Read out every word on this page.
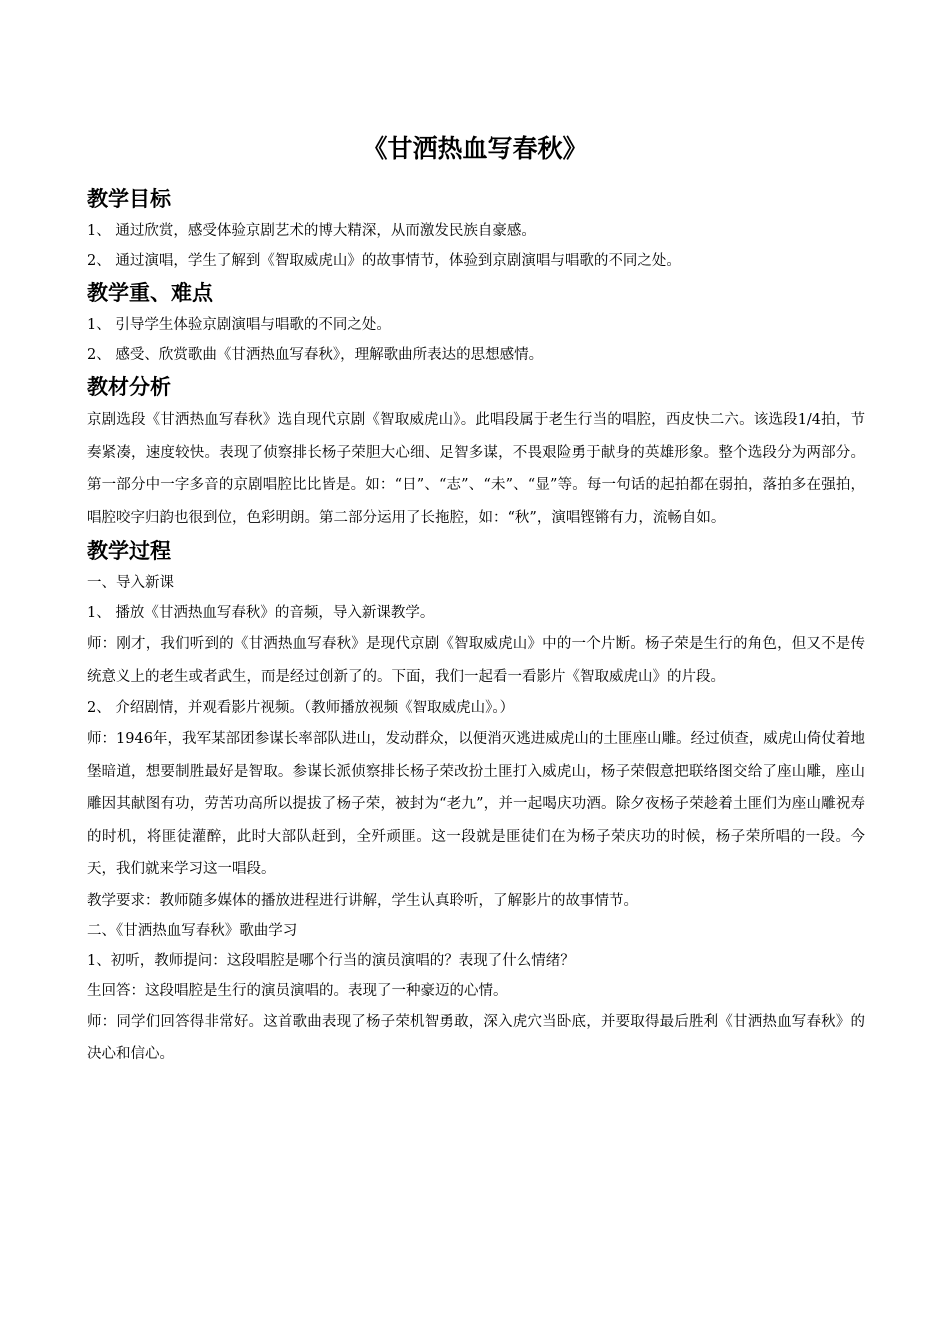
《甘洒热血写春秋》
教学目标

1、 通过欣赏，感受体验京剧艺术的博大精深，从而激发民族自豪感。

2、 通过演唱，学生了解到《智取威虎山》的故事情节，体验到京剧演唱与唱歌的不同之处。

教学重、难点

1、 引导学生体验京剧演唱与唱歌的不同之处。

2、 感受、欣赏歌曲《甘洒热血写春秋》，理解歌曲所表达的思想感情。

教材分析

京剧选段《甘洒热血写春秋》选自现代京剧《智取威虎山》。此唱段属于老生行当的唱腔，西皮快二六。该选段1/4拍，节奏紧凑，速度较快。表现了侦察排长杨子荣胆大心细、足智多谋，不畏艰险勇于献身的英雄形象。整个选段分为两部分。第一部分中一字多音的京剧唱腔比比皆是。如：“日”、“志”、“未”、“显”等。每一句话的起拍都在弱拍，落拍多在强拍，唱腔咬字归韵也很到位，色彩明朗。第二部分运用了长拖腔，如：“秋”，演唱铿锵有力，流畅自如。

教学过程

一、导入新课

1、 播放《甘洒热血写春秋》的音频，导入新课教学。

师：刚才，我们听到的《甘洒热血写春秋》是现代京剧《智取威虎山》中的一个片断。杨子荣是生行的角色，但又不是传统意义上的老生或者武生，而是经过创新了的。下面，我们一起看一看影片《智取威虎山》的片段。

2、 介绍剧情，并观看影片视频。（教师播放视频《智取威虎山》。）

师：1946年，我军某部团参谋长率部队进山，发动群众，以便消灭逃进威虎山的土匪座山雕。经过侦查，威虎山倚仗着地堡暗道，想要制胜最好是智取。参谋长派侦察排长杨子荣改扮土匪打入威虎山，杨子荣假意把联络图交给了座山雕，座山雕因其献图有功，劳苦功高所以提拔了杨子荣，被封为“老九”，并一起喝庆功酒。除夕夜杨子荣趁着土匪们为座山雕祝寿的时机，将匪徒灌醉，此时大部队赶到，全歼顽匪。这一段就是匪徒们在为杨子荣庆功的时候，杨子荣所唱的一段。今天，我们就来学习这一唱段。

教学要求：教师随多媒体的播放进程进行讲解，学生认真聆听，了解影片的故事情节。

二、《甘洒热血写春秋》歌曲学习

1、初听，教师提问：这段唱腔是哪个行当的演员演唱的？表现了什么情绪？

生回答：这段唱腔是生行的演员演唱的。表现了一种豪迈的心情。

师：同学们回答得非常好。这首歌曲表现了杨子荣机智勇敢，深入虎穴当卧底，并要取得最后胜利《甘洒热血写春秋》的决心和信心。
